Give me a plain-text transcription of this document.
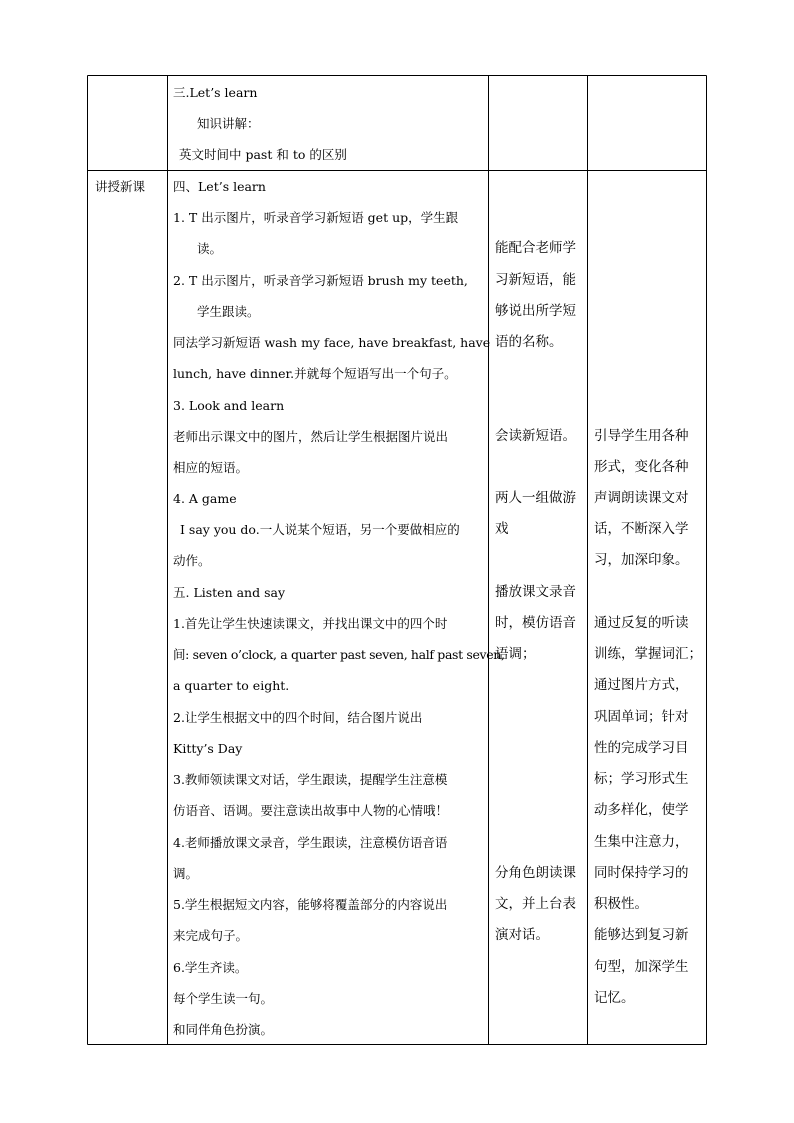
三.Let’s learn
知识讲解：
英文时间中 past 和 to 的区别
讲授新课 四、Let’s learn
1. T 出示图片，听录音学习新短语 get up，学生跟
读。
2. T 出示图片，听录音学习新短语 brush my teeth,
学生跟读。
同法学习新短语 wash my face, have breakfast, have
lunch, have dinner.并就每个短语写出一个句子。
3. Look and learn
老师出示课文中的图片，然后让学生根据图片说出
相应的短语。
4. A game
I say you do.一人说某个短语，另一个要做相应的
动作。
五. Listen and say
1.首先让学生快速读课文，并找出课文中的四个时
间: seven o’clock, a quarter past seven, half past seven,
a quarter to eight.
2.让学生根据文中的四个时间，结合图片说出
Kitty’s Day
3.教师领读课文对话，学生跟读，提醒学生注意模
仿语音、语调。要注意读出故事中人物的心情哦！
4.老师播放课文录音，学生跟读，注意模仿语音语
调。
5.学生根据短文内容，能够将覆盖部分的内容说出
来完成句子。
6.学生齐读。
每个学生读一句。
和同伴角色扮演。
能配合老师学
习新短语，能
够说出所学短
语的名称。
会读新短语。
两人一组做游
戏
播放课文录音
时，模仿语音
语调；
分角色朗读课
文，并上台表
演对话。
引导学生用各种
形式，变化各种
声调朗读课文对
话，不断深入学
习，加深印象。
通过反复的听读
训练，掌握词汇；
通过图片方式，
巩固单词；针对
性的完成学习目
标；学习形式生
动多样化，使学
生集中注意力，
同时保持学习的
积极性。
能够达到复习新
句型，加深学生
记忆。
